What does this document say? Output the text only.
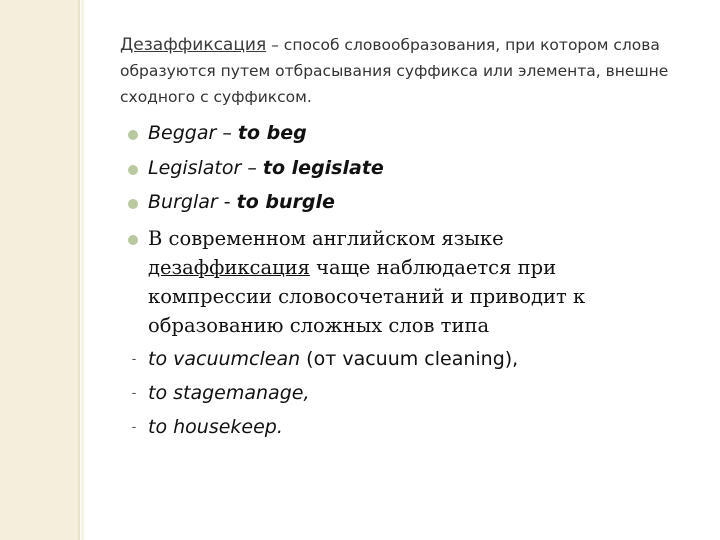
Дезаффиксация – способ словообразования, при котором слова образуются путем отбрасывания суффикса или элемента, внешне сходного с суффиксом.

Beggar – to beg
Legislator – to legislate
Burglar - to burgle
В современном английском языке дезаффиксация чаще наблюдается при компрессии словосочетаний и приводит к образованию сложных слов типа
- to vacuumclean (от vacuum cleaning),
- to stagemanage,
- to housekeep.
